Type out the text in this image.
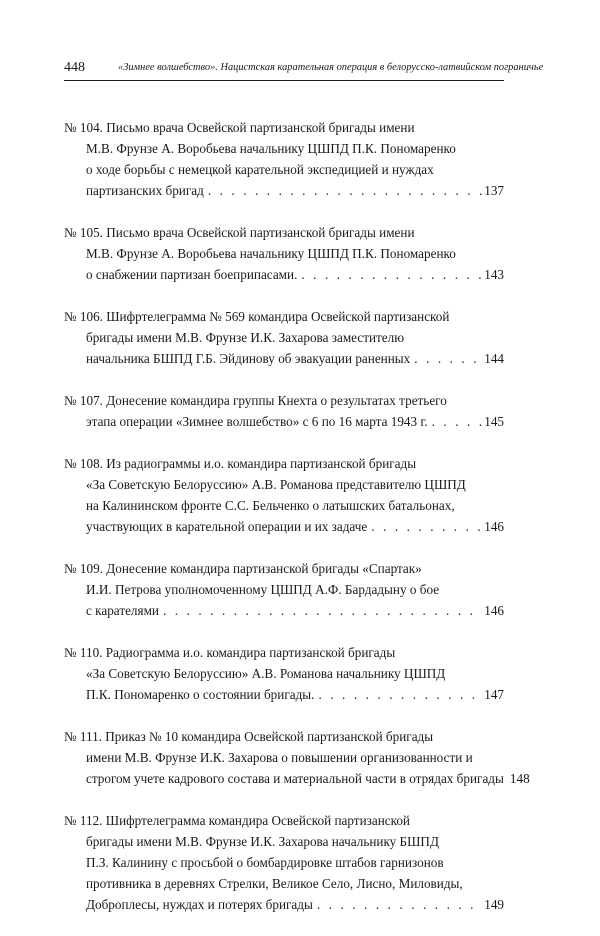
448	«Зимнее волшебство». Нацистская карательная операция в белорусско-латвийском пограничье
№ 104. Письмо врача Освейской партизанской бригады имени
М.В. Фрунзе А. Воробьева начальнику ЦШПД П.К. Пономаренко
о ходе борьбы с немецкой карательной экспедицией и нуждах
партизанских бригад . . .	137
№ 105. Письмо врача Освейской партизанской бригады имени
М.В. Фрунзе А. Воробьева начальнику ЦШПД П.К. Пономаренко
о снабжении партизан боеприпасами. . . .	143
№ 106. Шифртелеграмма № 569 командира Освейской партизанской
бригады имени М.В. Фрунзе И.К. Захарова заместителю
начальника БШПД Г.Б. Эйдинову об эвакуации раненных . . .	144
№ 107. Донесение командира группы Кнехта о результатах третьего
этапа операции «Зимнее волшебство» с 6 по 16 марта 1943 г. . . .	145
№ 108. Из радиограммы и.о. командира партизанской бригады
«За Советскую Белоруссию» А.В. Романова представителю ЦШПД
на Калининском фронте С.С. Бельченко о латышских батальонах,
участвующих в карательной операции и их задаче . . .	146
№ 109. Донесение командира партизанской бригады «Спартак»
И.И. Петрова уполномоченному ЦШПД А.Ф. Бардадыну о бое
с карателями . . .	146
№ 110. Радиограмма и.о. командира партизанской бригады
«За Советскую Белоруссию» А.В. Романова начальнику ЦШПД
П.К. Пономаренко о состоянии бригады. . . .	147
№ 111. Приказ № 10 командира Освейской партизанской бригады
имени М.В. Фрунзе И.К. Захарова о повышении организованности и
строгом учете кадрового состава и материальной части в отрядах бригады 148
№ 112. Шифртелеграмма командира Освейской партизанской
бригады имени М.В. Фрунзе И.К. Захарова начальнику БШПД
П.З. Калинину с просьбой о бомбардировке штабов гарнизонов
противника в деревнях Стрелки, Великое Село, Лисно, Миловиды,
Доброплесы, нуждах и потерях бригады . . .	149
